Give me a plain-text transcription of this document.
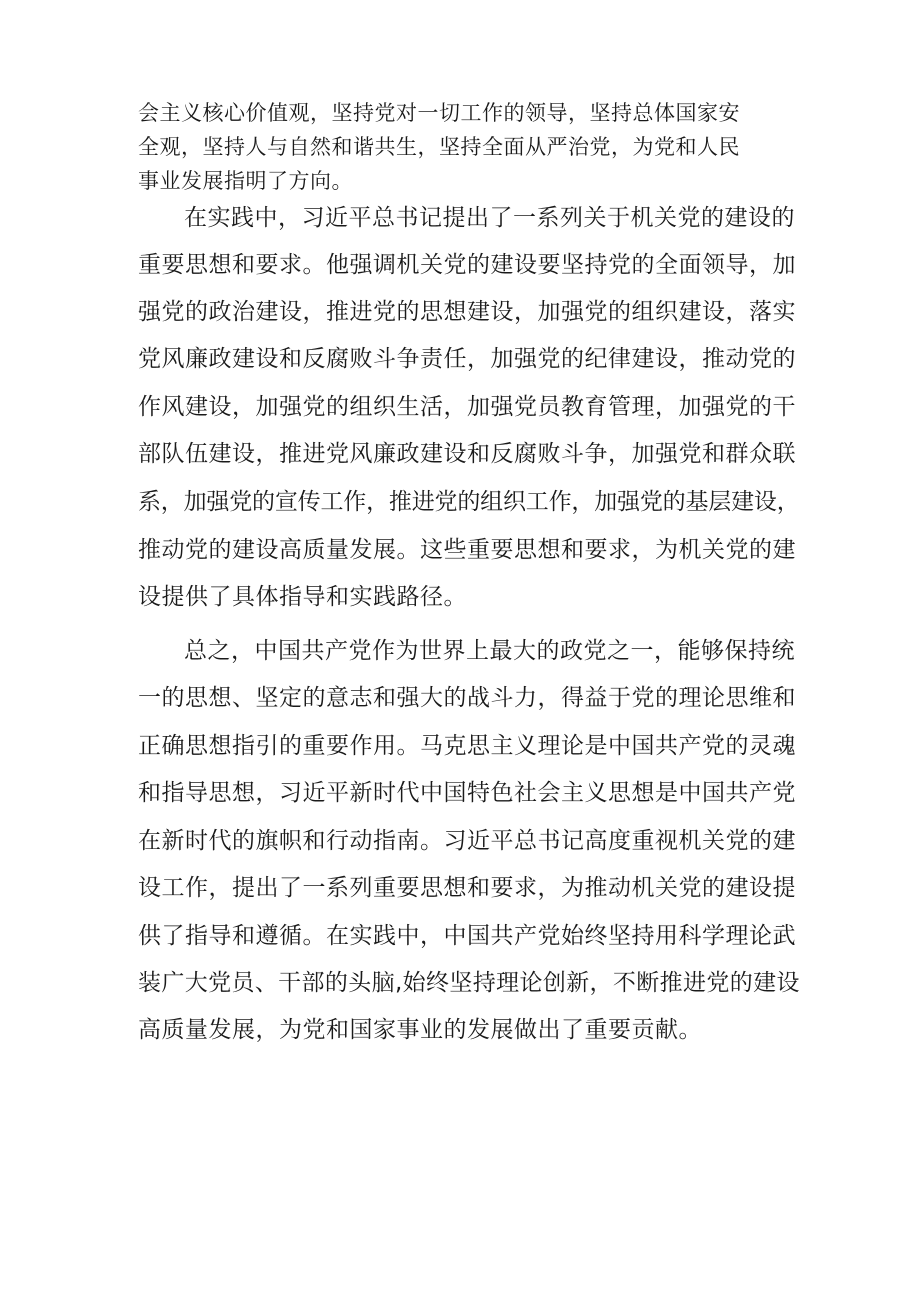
会主义核心价值观，坚持党对一切工作的领导，坚持总体国家安
全观，坚持人与自然和谐共生，坚持全面从严治党，为党和人民
事业发展指明了方向。
在实践中，习近平总书记提出了一系列关于机关党的建设的
重要思想和要求。他强调机关党的建设要坚持党的全面领导，加
强党的政治建设，推进党的思想建设，加强党的组织建设，落实
党风廉政建设和反腐败斗争责任，加强党的纪律建设，推动党的
作风建设，加强党的组织生活，加强党员教育管理，加强党的干
部队伍建设，推进党风廉政建设和反腐败斗争，加强党和群众联
系，加强党的宣传工作，推进党的组织工作，加强党的基层建设，
推动党的建设高质量发展。这些重要思想和要求，为机关党的建
设提供了具体指导和实践路径。
总之，中国共产党作为世界上最大的政党之一，能够保持统
一的思想、坚定的意志和强大的战斗力，得益于党的理论思维和
正确思想指引的重要作用。马克思主义理论是中国共产党的灵魂
和指导思想，习近平新时代中国特色社会主义思想是中国共产党
在新时代的旗帜和行动指南。习近平总书记高度重视机关党的建
设工作，提出了一系列重要思想和要求，为推动机关党的建设提
供了指导和遵循。在实践中，中国共产党始终坚持用科学理论武
装广大党员、干部的头脑,始终坚持理论创新，不断推进党的建设
高质量发展，为党和国家事业的发展做出了重要贡献。
